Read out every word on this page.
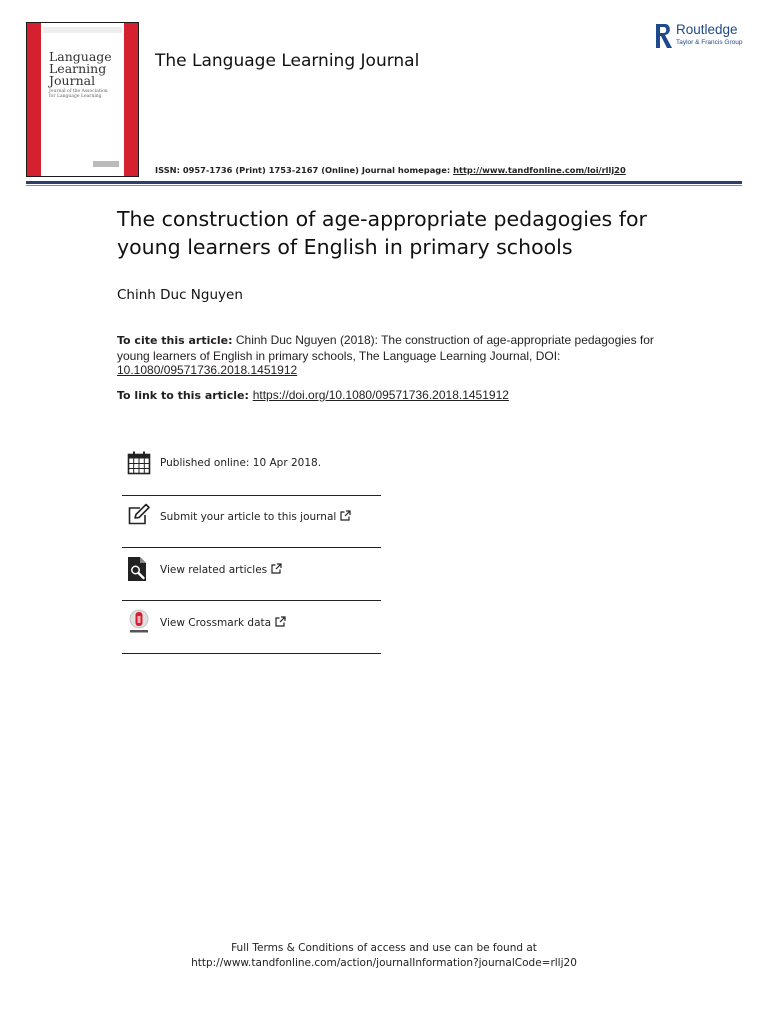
Language
Learning
Journal
Journal of the Association
for Language Learning
The Language Learning Journal
ISSN: 0957-1736 (Print) 1753-2167 (Online) Journal homepage: http://www.tandfonline.com/loi/rllj20
Routledge
Taylor & Francis Group
The construction of age-appropriate pedagogies for young learners of English in primary schools
Chinh Duc Nguyen
To cite this article: Chinh Duc Nguyen (2018): The construction of age-appropriate pedagogies for young learners of English in primary schools, The Language Learning Journal, DOI: 10.1080/09571736.2018.1451912
To link to this article: https://doi.org/10.1080/09571736.2018.1451912
Published online: 10 Apr 2018.
Submit your article to this journal
View related articles
View Crossmark data
Full Terms & Conditions of access and use can be found at
http://www.tandfonline.com/action/journalInformation?journalCode=rllj20
